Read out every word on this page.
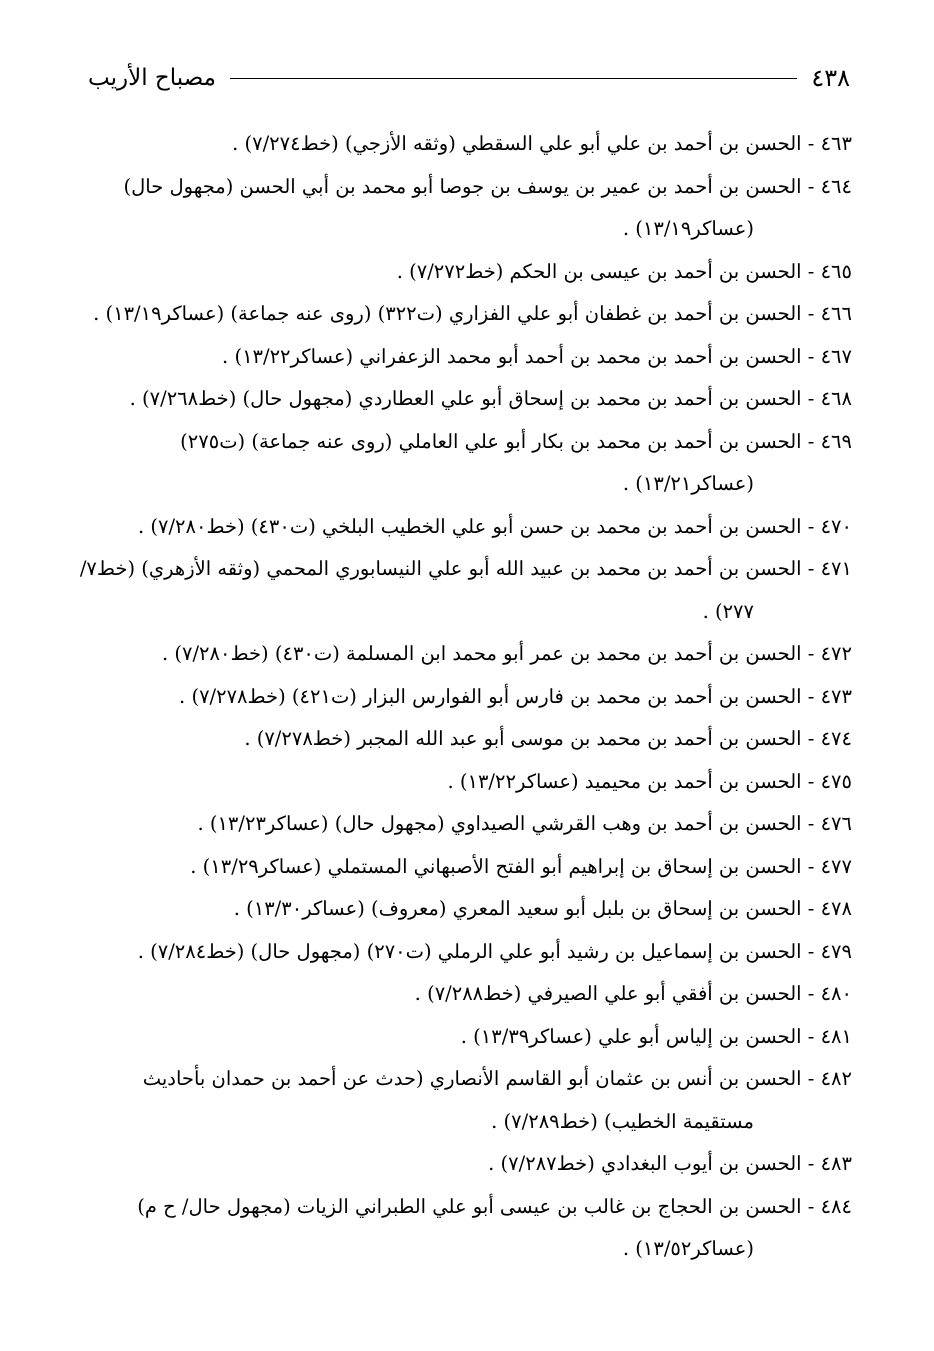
٤٣٨
مصباح الأريب
٤٦٣ - الحسن بن أحمد بن علي أبو علي السقطي (وثقه الأزجي) (خط٧/٢٧٤) .
٤٦٤ - الحسن بن أحمد بن عمير بن يوسف بن جوصا أبو محمد بن أبي الحسن (مجهول حال)
(عساكر١٣/١٩) .
٤٦٥ - الحسن بن أحمد بن عيسى بن الحكم (خط٧/٢٧٢) .
٤٦٦ - الحسن بن أحمد بن غطفان أبو علي الفزاري (ت٣٢٢) (روى عنه جماعة) (عساكر١٣/١٩) .
٤٦٧ - الحسن بن أحمد بن محمد بن أحمد أبو محمد الزعفراني (عساكر١٣/٢٢) .
٤٦٨ - الحسن بن أحمد بن محمد بن إسحاق أبو علي العطاردي (مجهول حال) (خط٧/٢٦٨) .
٤٦٩ - الحسن بن أحمد بن محمد بن بكار أبو علي العاملي (روى عنه جماعة) (ت٢٧٥)
(عساكر١٣/٢١) .
٤٧٠ - الحسن بن أحمد بن محمد بن حسن أبو علي الخطيب البلخي (ت٤٣٠) (خط٧/٢٨٠) .
٤٧١ - الحسن بن أحمد بن محمد بن عبيد الله أبو علي النيسابوري المحمي (وثقه الأزهري) (خط٧/
٢٧٧) .
٤٧٢ - الحسن بن أحمد بن محمد بن عمر أبو محمد ابن المسلمة (ت٤٣٠) (خط٧/٢٨٠) .
٤٧٣ - الحسن بن أحمد بن محمد بن فارس أبو الفوارس البزار (ت٤٢١) (خط٧/٢٧٨) .
٤٧٤ - الحسن بن أحمد بن محمد بن موسى أبو عبد الله المجبر (خط٧/٢٧٨) .
٤٧٥ - الحسن بن أحمد بن محيميد (عساكر١٣/٢٢) .
٤٧٦ - الحسن بن أحمد بن وهب القرشي الصيداوي (مجهول حال) (عساكر١٣/٢٣) .
٤٧٧ - الحسن بن إسحاق بن إبراهيم أبو الفتح الأصبهاني المستملي (عساكر١٣/٢٩) .
٤٧٨ - الحسن بن إسحاق بن بلبل أبو سعيد المعري (معروف) (عساكر١٣/٣٠) .
٤٧٩ - الحسن بن إسماعيل بن رشيد أبو علي الرملي (ت٢٧٠) (مجهول حال) (خط٧/٢٨٤) .
٤٨٠ - الحسن بن أفقي أبو علي الصيرفي (خط٧/٢٨٨) .
٤٨١ - الحسن بن إلياس أبو علي (عساكر١٣/٣٩) .
٤٨٢ - الحسن بن أنس بن عثمان أبو القاسم الأنصاري (حدث عن أحمد بن حمدان بأحاديث
مستقيمة الخطيب) (خط٧/٢٨٩) .
٤٨٣ - الحسن بن أيوب البغدادي (خط٧/٢٨٧) .
٤٨٤ - الحسن بن الحجاج بن غالب بن عيسى أبو علي الطبراني الزيات (مجهول حال/ ح م)
(عساكر١٣/٥٢) .
